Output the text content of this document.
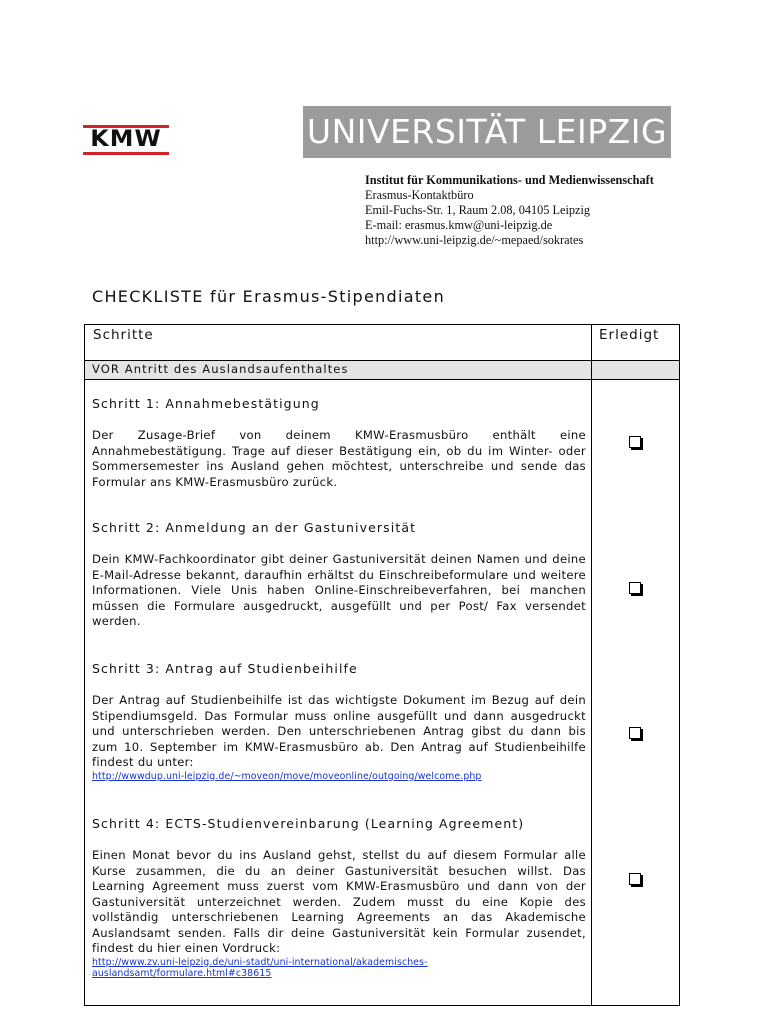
KMW	UNIVERSITÄT LEIPZIG
Institut für Kommunikations- und Medienwissenschaft
Erasmus-Kontaktbüro
Emil-Fuchs-Str. 1, Raum 2.08, 04105 Leipzig
E-mail: erasmus.kmw@uni-leipzig.de
http://www.uni-leipzig.de/~mepaed/sokrates
CHECKLISTE für Erasmus-Stipendiaten
Schritte	Erledigt
VOR Antritt des Auslandsaufenthaltes
Schritt 1: Annahmebestätigung
Der Zusage-Brief von deinem KMW-Erasmusbüro enthält eine Annahmebestätigung. Trage auf dieser Bestätigung ein, ob du im Winter- oder Sommersemester ins Ausland gehen möchtest, unterschreibe und sende das Formular ans KMW-Erasmusbüro zurück.
Schritt 2: Anmeldung an der Gastuniversität
Dein KMW-Fachkoordinator gibt deiner Gastuniversität deinen Namen und deine E-Mail-Adresse bekannt, daraufhin erhältst du Einschreibeformulare und weitere Informationen. Viele Unis haben Online-Einschreibeverfahren, bei manchen müssen die Formulare ausgedruckt, ausgefüllt und per Post/ Fax versendet werden.
Schritt 3: Antrag auf Studienbeihilfe
Der Antrag auf Studienbeihilfe ist das wichtigste Dokument im Bezug auf dein Stipendiumsgeld. Das Formular muss online ausgefüllt und dann ausgedruckt und unterschrieben werden. Den unterschriebenen Antrag gibst du dann bis zum 10. September im KMW-Erasmusbüro ab. Den Antrag auf Studienbeihilfe findest du unter:
http://wwwdup.uni-leipzig.de/~moveon/move/moveonline/outgoing/welcome.php
Schritt 4: ECTS-Studienvereinbarung (Learning Agreement)
Einen Monat bevor du ins Ausland gehst, stellst du auf diesem Formular alle Kurse zusammen, die du an deiner Gastuniversität besuchen willst. Das Learning Agreement muss zuerst vom KMW-Erasmusbüro und dann von der Gastuniversität unterzeichnet werden. Zudem musst du eine Kopie des vollständig unterschriebenen Learning Agreements an das Akademische Auslandsamt senden. Falls dir deine Gastuniversität kein Formular zusendet, findest du hier einen Vordruck:
http://www.zv.uni-leipzig.de/uni-stadt/uni-international/akademisches-auslandsamt/formulare.html#c38615
